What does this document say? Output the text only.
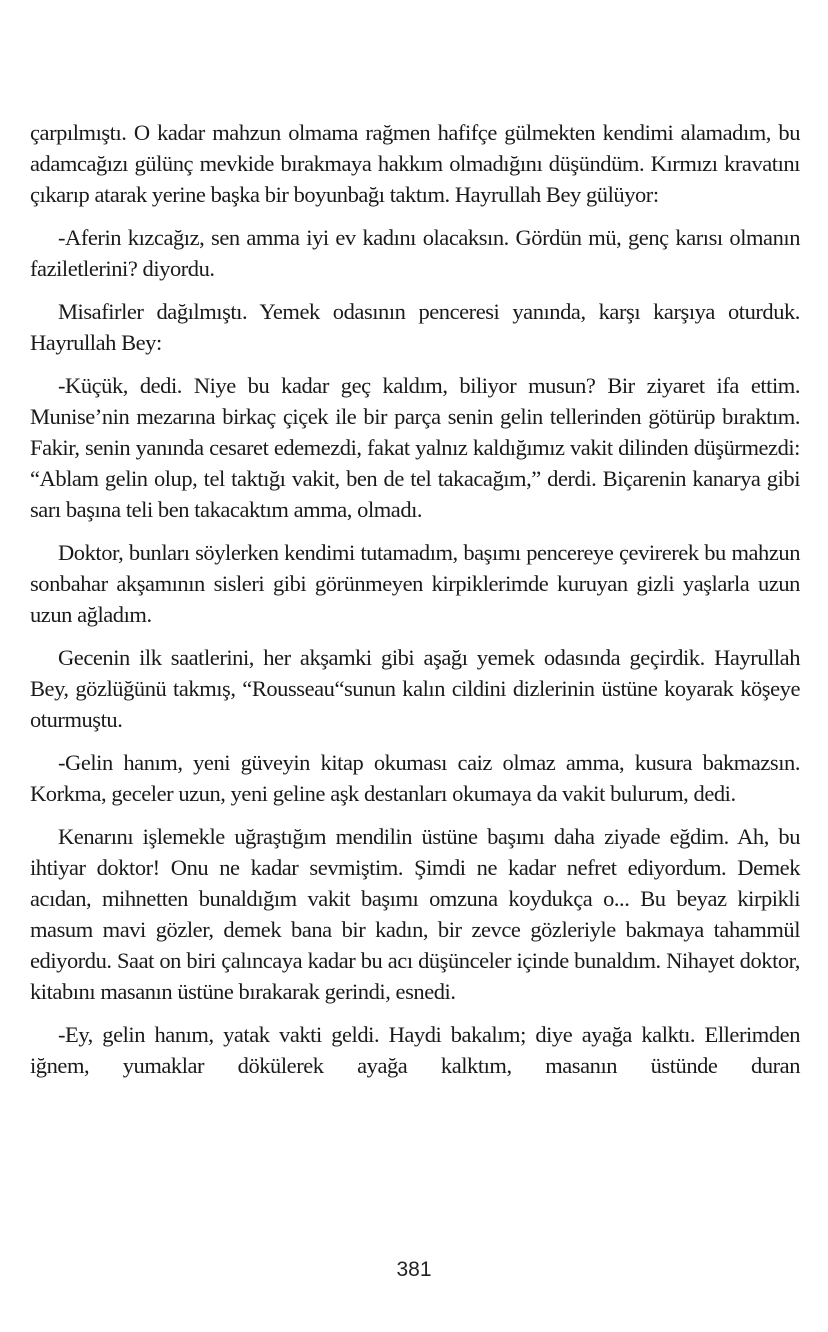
çarpılmıştı. O kadar mahzun olmama rağmen hafifçe gülmekten kendimi alamadım, bu adamcağızı gülünç mevkide bırakmaya hakkım olmadığını düşündüm. Kırmızı kravatını çıkarıp atarak yerine başka bir boyunbağı taktım. Hayrullah Bey gülüyor:

-Aferin kızcağız, sen amma iyi ev kadını olacaksın. Gördün mü, genç karısı olmanın faziletlerini? diyordu.

Misafirler dağılmıştı. Yemek odasının penceresi yanında, karşı karşıya oturduk. Hayrullah Bey:

-Küçük, dedi. Niye bu kadar geç kaldım, biliyor musun? Bir ziyaret ifa ettim. Munise’nin mezarına birkaç çiçek ile bir parça senin gelin tellerinden götürüp bıraktım. Fakir, senin yanında cesaret edemezdi, fakat yalnız kaldığımız vakit dilinden düşürmezdi: “Ablam gelin olup, tel taktığı vakit, ben de tel takacağım,” derdi. Biçarenin kanarya gibi sarı başına teli ben takacaktım amma, olmadı.

Doktor, bunları söylerken kendimi tutamadım, başımı pencereye çevirerek bu mahzun sonbahar akşamının sisleri gibi görünmeyen kirpiklerimde kuruyan gizli yaşlarla uzun uzun ağladım.

Gecenin ilk saatlerini, her akşamki gibi aşağı yemek odasında geçirdik. Hayrullah Bey, gözlüğünü takmış, “Rousseau“sunun kalın cildini dizlerinin üstüne koyarak köşeye oturmuştu.

-Gelin hanım, yeni güveyin kitap okuması caiz olmaz amma, kusura bakmazsın. Korkma, geceler uzun, yeni geline aşk destanları okumaya da vakit bulurum, dedi.

Kenarını işlemekle uğraştığım mendilin üstüne başımı daha ziyade eğdim. Ah, bu ihtiyar doktor! Onu ne kadar sevmiştim. Şimdi ne kadar nefret ediyordum. Demek acıdan, mihnetten bunaldığım vakit başımı omzuna koydukça o... Bu beyaz kirpikli masum mavi gözler, demek bana bir kadın, bir zevce gözleriyle bakmaya tahammül ediyordu. Saat on biri çalıncaya kadar bu acı düşünceler içinde bunaldım. Nihayet doktor, kitabını masanın üstüne bırakarak gerindi, esnedi.

-Ey, gelin hanım, yatak vakti geldi. Haydi bakalım; diye ayağa kalktı. Ellerimden iğnem, yumaklar dökülerek ayağa kalktım, masanın üstünde duran

381
